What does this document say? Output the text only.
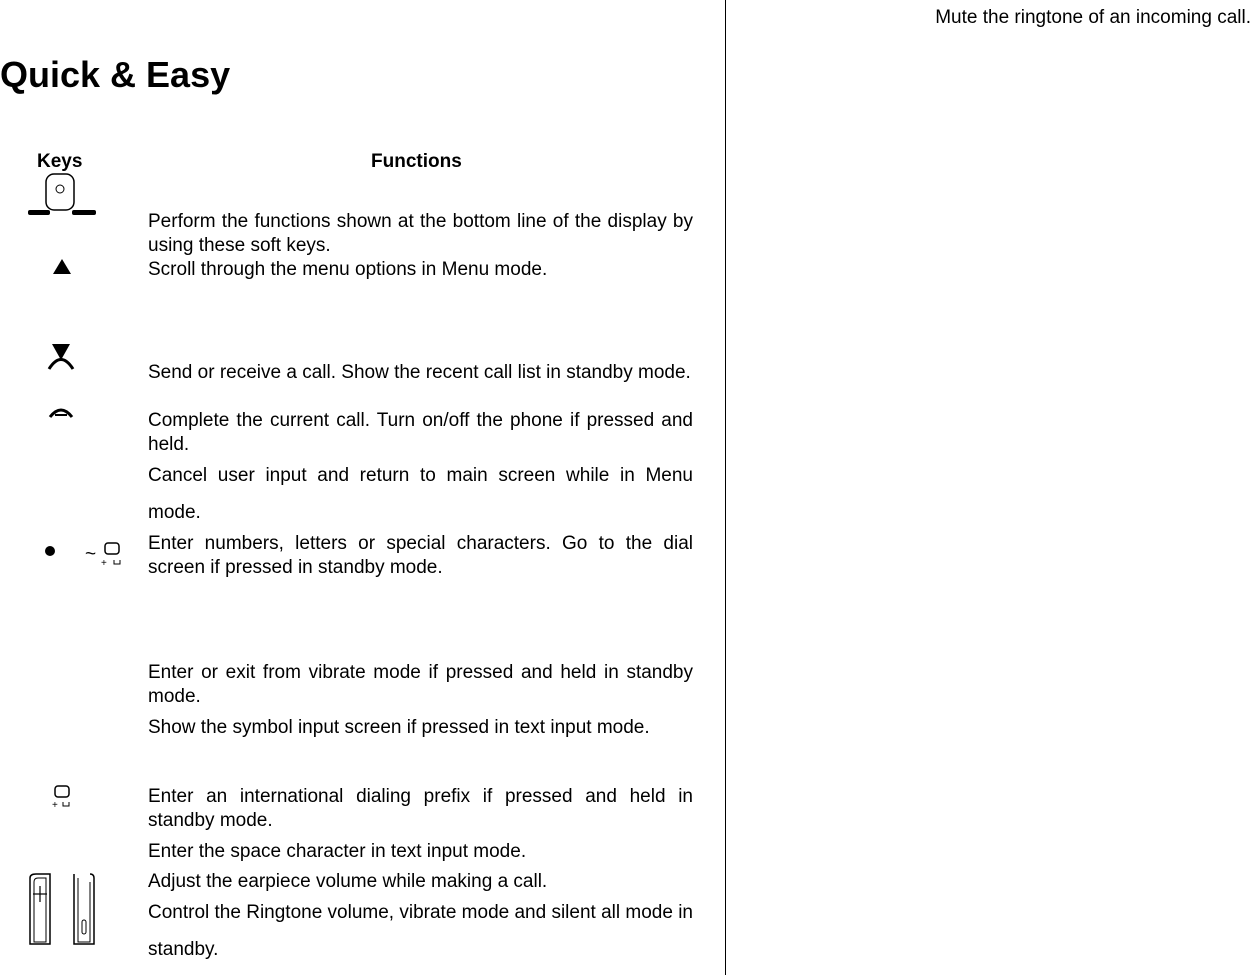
Quick & Easy
Keys	Functions
+
~
+
Perform the functions shown at the bottom line of the display by using these soft keys.
Scroll through the menu options in Menu mode.
Send or receive a call. Show the recent call list in standby mode.
Complete the current call. Turn on/off the phone if pressed and held.
Cancel user input and return to main screen while in Menu mode.
Enter numbers, letters or special characters. Go to the dial screen if pressed in standby mode.
Enter or exit from vibrate mode if pressed and held in standby mode.
Show the symbol input screen if pressed in text input mode.
Enter an international dialing prefix if pressed and held in standby mode.
Enter the space character in text input mode.
Adjust the earpiece volume while making a call.
Control the Ringtone volume, vibrate mode and silent all mode in standby.
Mute the ringtone of an incoming call.
